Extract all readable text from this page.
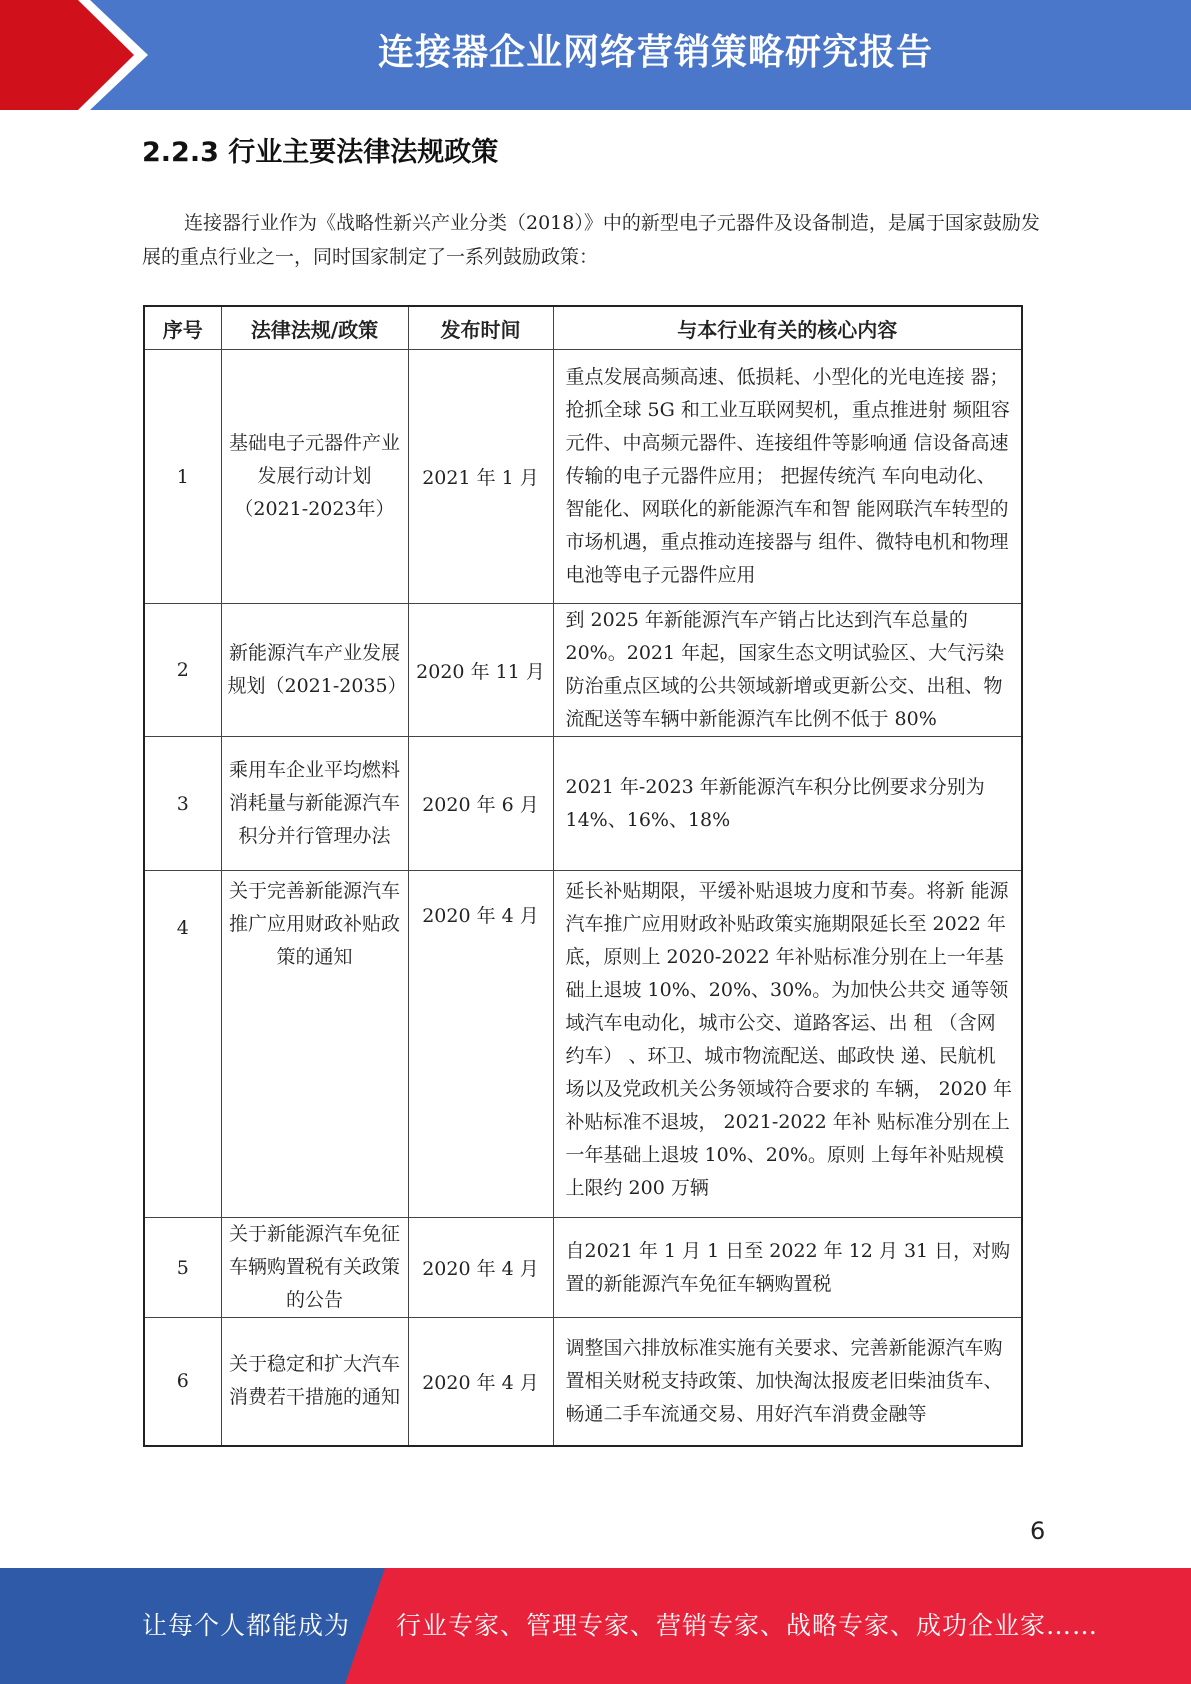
连接器企业网络营销策略研究报告
2.2.3 行业主要法律法规政策
连接器行业作为《战略性新兴产业分类（2018）》中的新型电子元器件及设备制造，是属于国家鼓励发展的重点行业之一，同时国家制定了一系列鼓励政策：
序号	法律法规/政策	发布时间	与本行业有关的核心内容
1	基础电子元器件产业发展行动计划（2021-2023年）	2021 年 1 月	重点发展高频高速、低损耗、小型化的光电连接 器；抢抓全球 5G 和工业互联网契机，重点推进射 频阻容元件、中高频元器件、连接组件等影响通 信设备高速传输的电子元器件应用； 把握传统汽 车向电动化、智能化、网联化的新能源汽车和智 能网联汽车转型的市场机遇，重点推动连接器与 组件、微特电机和物理电池等电子元器件应用
2	新能源汽车产业发展规划（2021-2035）	2020 年 11 月	到 2025 年新能源汽车产销占比达到汽车总量的 20%。2021 年起，国家生态文明试验区、大气污染防治重点区域的公共领域新增或更新公交、出租、物流配送等车辆中新能源汽车比例不低于 80%
3	乘用车企业平均燃料消耗量与新能源汽车积分并行管理办法	2020 年 6 月	2021 年-2023 年新能源汽车积分比例要求分别为 14%、16%、18%
4	关于完善新能源汽车推广应用财政补贴政策的通知	2020 年 4 月	延长补贴期限，平缓补贴退坡力度和节奏。将新 能源汽车推广应用财政补贴政策实施期限延长至 2022 年底，原则上 2020-2022 年补贴标准分别在上一年基础上退坡 10%、20%、30%。为加快公共交 通等领域汽车电动化，城市公交、道路客运、出 租 （含网约车） 、环卫、城市物流配送、邮政快 递、民航机场以及党政机关公务领域符合要求的 车辆， 2020 年补贴标准不退坡， 2021-2022 年补 贴标准分别在上一年基础上退坡 10%、20%。原则 上每年补贴规模上限约 200 万辆
5	关于新能源汽车免征车辆购置税有关政策的公告	2020 年 4 月	自2021 年 1 月 1 日至 2022 年 12 月 31 日，对购 置的新能源汽车免征车辆购置税
6	关于稳定和扩大汽车消费若干措施的通知	2020 年 4 月	调整国六排放标准实施有关要求、完善新能源汽车购置相关财税支持政策、加快淘汰报废老旧柴油货车、畅通二手车流通交易、用好汽车消费金融等
6
让每个人都能成为 行业专家、管理专家、营销专家、战略专家、成功企业家……
